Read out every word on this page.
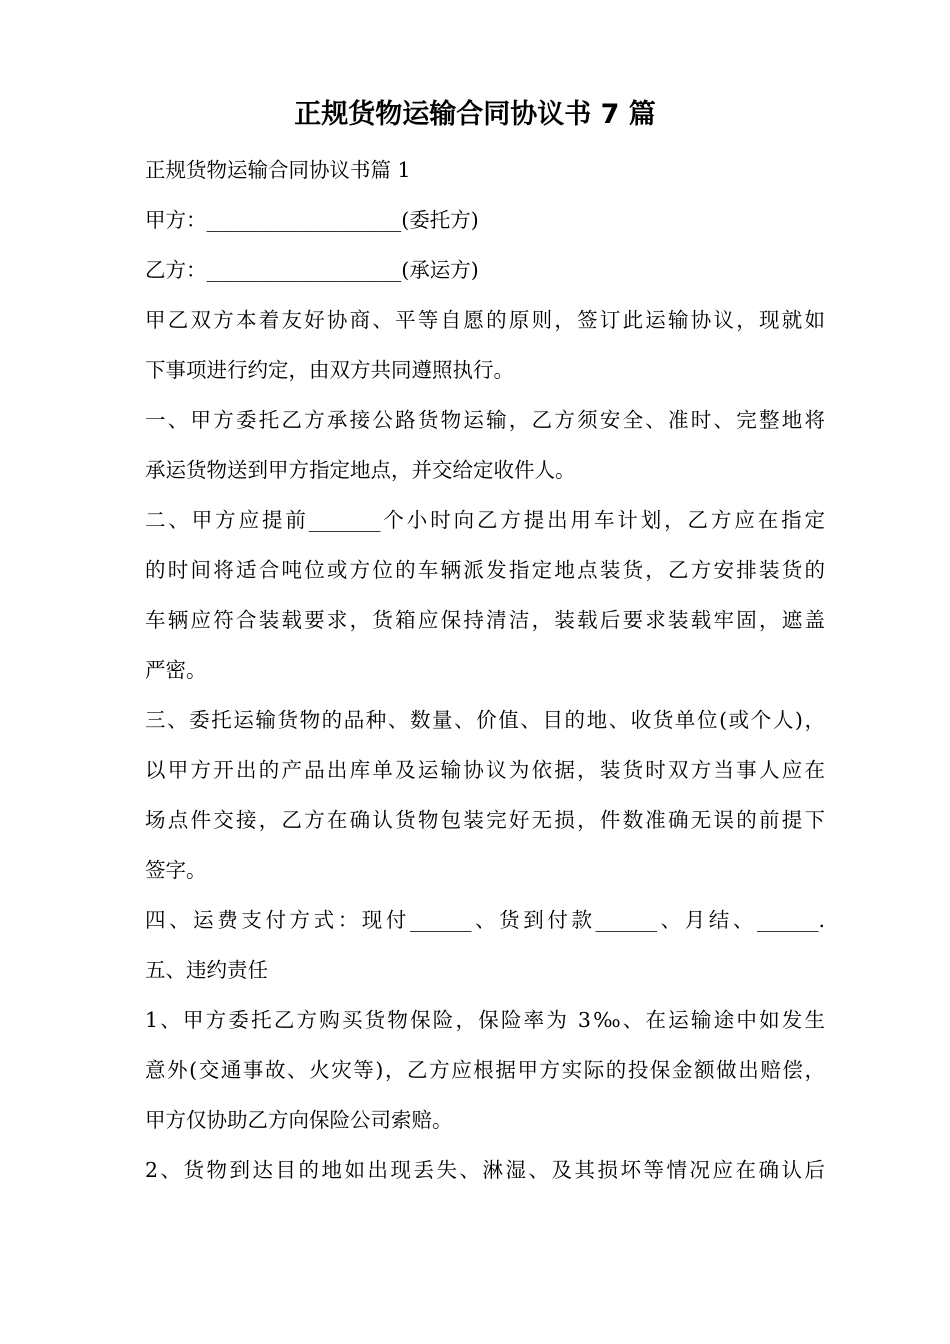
正规货物运输合同协议书 7 篇

正规货物运输合同协议书篇 1

甲方：___________________(委托方)

乙方：___________________(承运方)

甲乙双方本着友好协商、平等自愿的原则，签订此运输协议，现就如

下事项进行约定，由双方共同遵照执行。

一、甲方委托乙方承接公路货物运输，乙方须安全、准时、完整地将

承运货物送到甲方指定地点，并交给定收件人。

二、甲方应提前_______个小时向乙方提出用车计划，乙方应在指定

的时间将适合吨位或方位的车辆派发指定地点装货，乙方安排装货的

车辆应符合装载要求，货箱应保持清洁，装载后要求装载牢固，遮盖

严密。

三、委托运输货物的品种、数量、价值、目的地、收货单位(或个人)，

以甲方开出的产品出库单及运输协议为依据，装货时双方当事人应在

场点件交接，乙方在确认货物包装完好无损，件数准确无误的前提下

签字。

四、运费支付方式：现付______、货到付款______、月结、______.

五、违约责任

1、甲方委托乙方购买货物保险，保险率为 3‰、在运输途中如发生

意外(交通事故、火灾等)，乙方应根据甲方实际的投保金额做出赔偿，

甲方仅协助乙方向保险公司索赔。

2、货物到达目的地如出现丢失、淋湿、及其损坏等情况应在确认后
